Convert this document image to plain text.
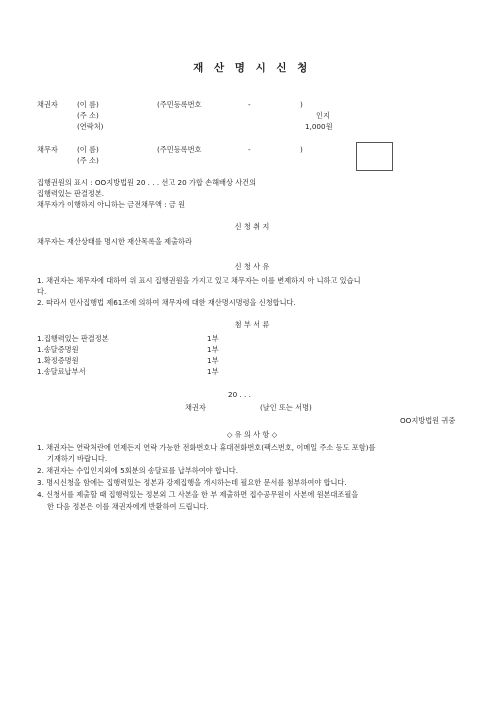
재 산 명 시 신 청
채권자	(이 름)	(주민등록번호	-	)
(주 소)	인지
(연락처)	1,000원
채무자	(이 름)	(주민등록번호	-	)
(주 소)
집행권원의 표시 : OO지방법원 20 . . . 선고 20 가합 손해배상 사건의
집행력있는 판결정본.
채무자가 이행하지 아니하는 금전채무액 : 금 원
신 청 취 지
채무자는 재산상태를 명시한 재산목록을 제출하라
신 청 사 유
1. 채권자는 채무자에 대하여 위 표시 집행권원을 가지고 있고 채무자는 이를 변제하지 아 니하고 있습니
다.
2. 따라서 민사집행법 제61조에 의하여 채무자에 대한 재산명시명령을 신청합니다.
첨 부 서 류
1.집행력있는 판결정본	1부
1.송달증명원	1부
1.확정증명원	1부
1.송달료납부서	1부
20 . . .
채권자	(날인 또는 서명)
OO지방법원 귀중
◇ 유 의 사 항 ◇
1. 채권자는 연락처란에 언제든지 연락 가능한 전화번호나 휴대전화번호(팩스번호, 이메일 주소 등도 포함)를
기재하기 바랍니다.
2. 채권자는 수입인지외에 5회분의 송달료를 납부하여야 합니다.
3. 명시신청을 함에는 집행력있는 정본과 강제집행을 개시하는데 필요한 문서를 첨부하여야 합니다.
4. 신청서를 제출할 때 집행력있는 정본외 그 사본을 한 부 제출하면 접수공무원이 사본에 원본대조필을
한 다음 정본은 이를 채권자에게 반환하여 드립니다.
